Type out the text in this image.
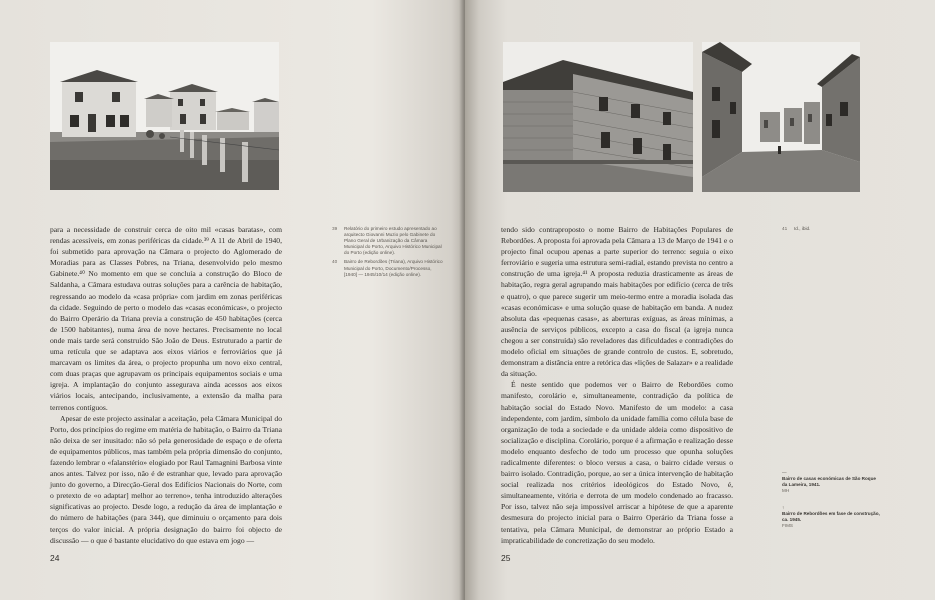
para a necessidade de construir cerca de oito mil «casas baratas», com rendas acessíveis, em zonas periféricas da cidade.³⁹ A 11 de Abril de 1940, foi submetido para aprovação na Câmara o projecto do Aglomerado de Moradias para as Classes Pobres, na Triana, desenvolvido pelo mesmo Gabinete.⁴⁰ No momento em que se concluía a construção do Bloco de Saldanha, a Câmara estudava outras soluções para a carência de habitação, regressando ao modelo da «casa própria» com jardim em zonas periféricas da cidade. Seguindo de perto o modelo das «casas económicas», o projecto do Bairro Operário da Triana previa a construção de 450 habitações (cerca de 1500 habitantes), numa área de nove hectares. Precisamente no local onde mais tarde será construído São João de Deus. Estruturado a partir de uma retícula que se adaptava aos eixos viários e ferroviários que já marcavam os limites da área, o projecto propunha um novo eixo central, com duas praças que agrupavam os principais equipamentos sociais e uma igreja. A implantação do conjunto assegurava ainda acessos aos eixos viários locais, antecipando, inclusivamente, a extensão da malha para terrenos contíguos.

Apesar de este projecto assinalar a aceitação, pela Câmara Municipal do Porto, dos princípios do regime em matéria de habitação, o Bairro da Triana não deixa de ser inusitado: não só pela generosidade de espaço e de oferta de equipamentos públicos, mas também pela própria dimensão do conjunto, fazendo lembrar o «falanstério» elogiado por Raul Tamagnini Barbosa vinte anos antes. Talvez por isso, não é de estranhar que, levado para aprovação junto do governo, a Direcção-Geral dos Edifícios Nacionais do Norte, com o pretexto de «o adaptar] melhor ao terreno», tenha introduzido alterações significativas ao projecto. Desde logo, a redução da área de implantação e do número de habitações (para 344), que diminuiu o orçamento para dois terços do valor inicial. A própria designação do bairro foi objecto de discussão — o que é bastante elucidativo do que estava em jogo —

39	Relatório do primeiro estudo apresentado ao arquitecto Giovanni Muzio pelo Gabinete do Plano Geral de Urbanização da Câmara Municipal do Porto, Arquivo Histórico Municipal do Porto (edição online).
40	Bairro de Rebordões (Triana), Arquivo Histórico Municipal do Porto, Documento/Processo, [1940] — 1945/10/14 (edição online).
24

tendo sido contraproposto o nome Bairro de Habitações Populares de Rebordões. A proposta foi aprovada pela Câmara a 13 de Março de 1941 e o projecto final ocupou apenas a parte superior do terreno: seguia o eixo ferroviário e sugeria uma estrutura semi-radial, estando prevista no centro a construção de uma igreja.⁴¹ A proposta reduzia drasticamente as áreas de habitação, regra geral agrupando mais habitações por edifício (cerca de três e quatro), o que parece sugerir um meio-termo entre a moradia isolada das «casas económicas» e uma solução quase de habitação em banda. A nudez absoluta das «pequenas casas», as aberturas exíguas, as áreas mínimas, a ausência de serviços públicos, excepto a casa do fiscal (a igreja nunca chegou a ser construída) são reveladores das dificuldades e contradições do modelo oficial em situações de grande controlo de custos. E, sobretudo, demonstram a distância entre a retórica das «lições de Salazar» e a realidade da situação.

É neste sentido que podemos ver o Bairro de Rebordões como manifesto, corolário e, simultaneamente, contradição da política de habitação social do Estado Novo. Manifesto de um modelo: a casa independente, com jardim, símbolo da unidade família como célula base de organização de toda a sociedade e da unidade aldeia como dispositivo de socialização e disciplina. Corolário, porque é a afirmação e realização desse modelo enquanto desfecho de todo um processo que opunha soluções radicalmente diferentes: o bloco versus a casa, o bairro cidade versus o bairro isolado. Contradição, porque, ao ser a única intervenção de habitação social realizada nos critérios ideológicos do Estado Novo, é, simultaneamente, vitória e derrota de um modelo condenado ao fracasso. Por isso, talvez não seja impossível arriscar a hipótese de que a aparente desmesura do projecto inicial para o Bairro Operário da Triana fosse a tentativa, pela Câmara Municipal, de demonstrar ao próprio Estado a impraticabilidade de concretização do seu modelo.

41	Id., ibid.
25
—
Bairro de casas económicas de São Roque da Lameira, 1941.
MH
↑
Bairro de Rebordões em fase de construção, ca. 1945.
FIMS
